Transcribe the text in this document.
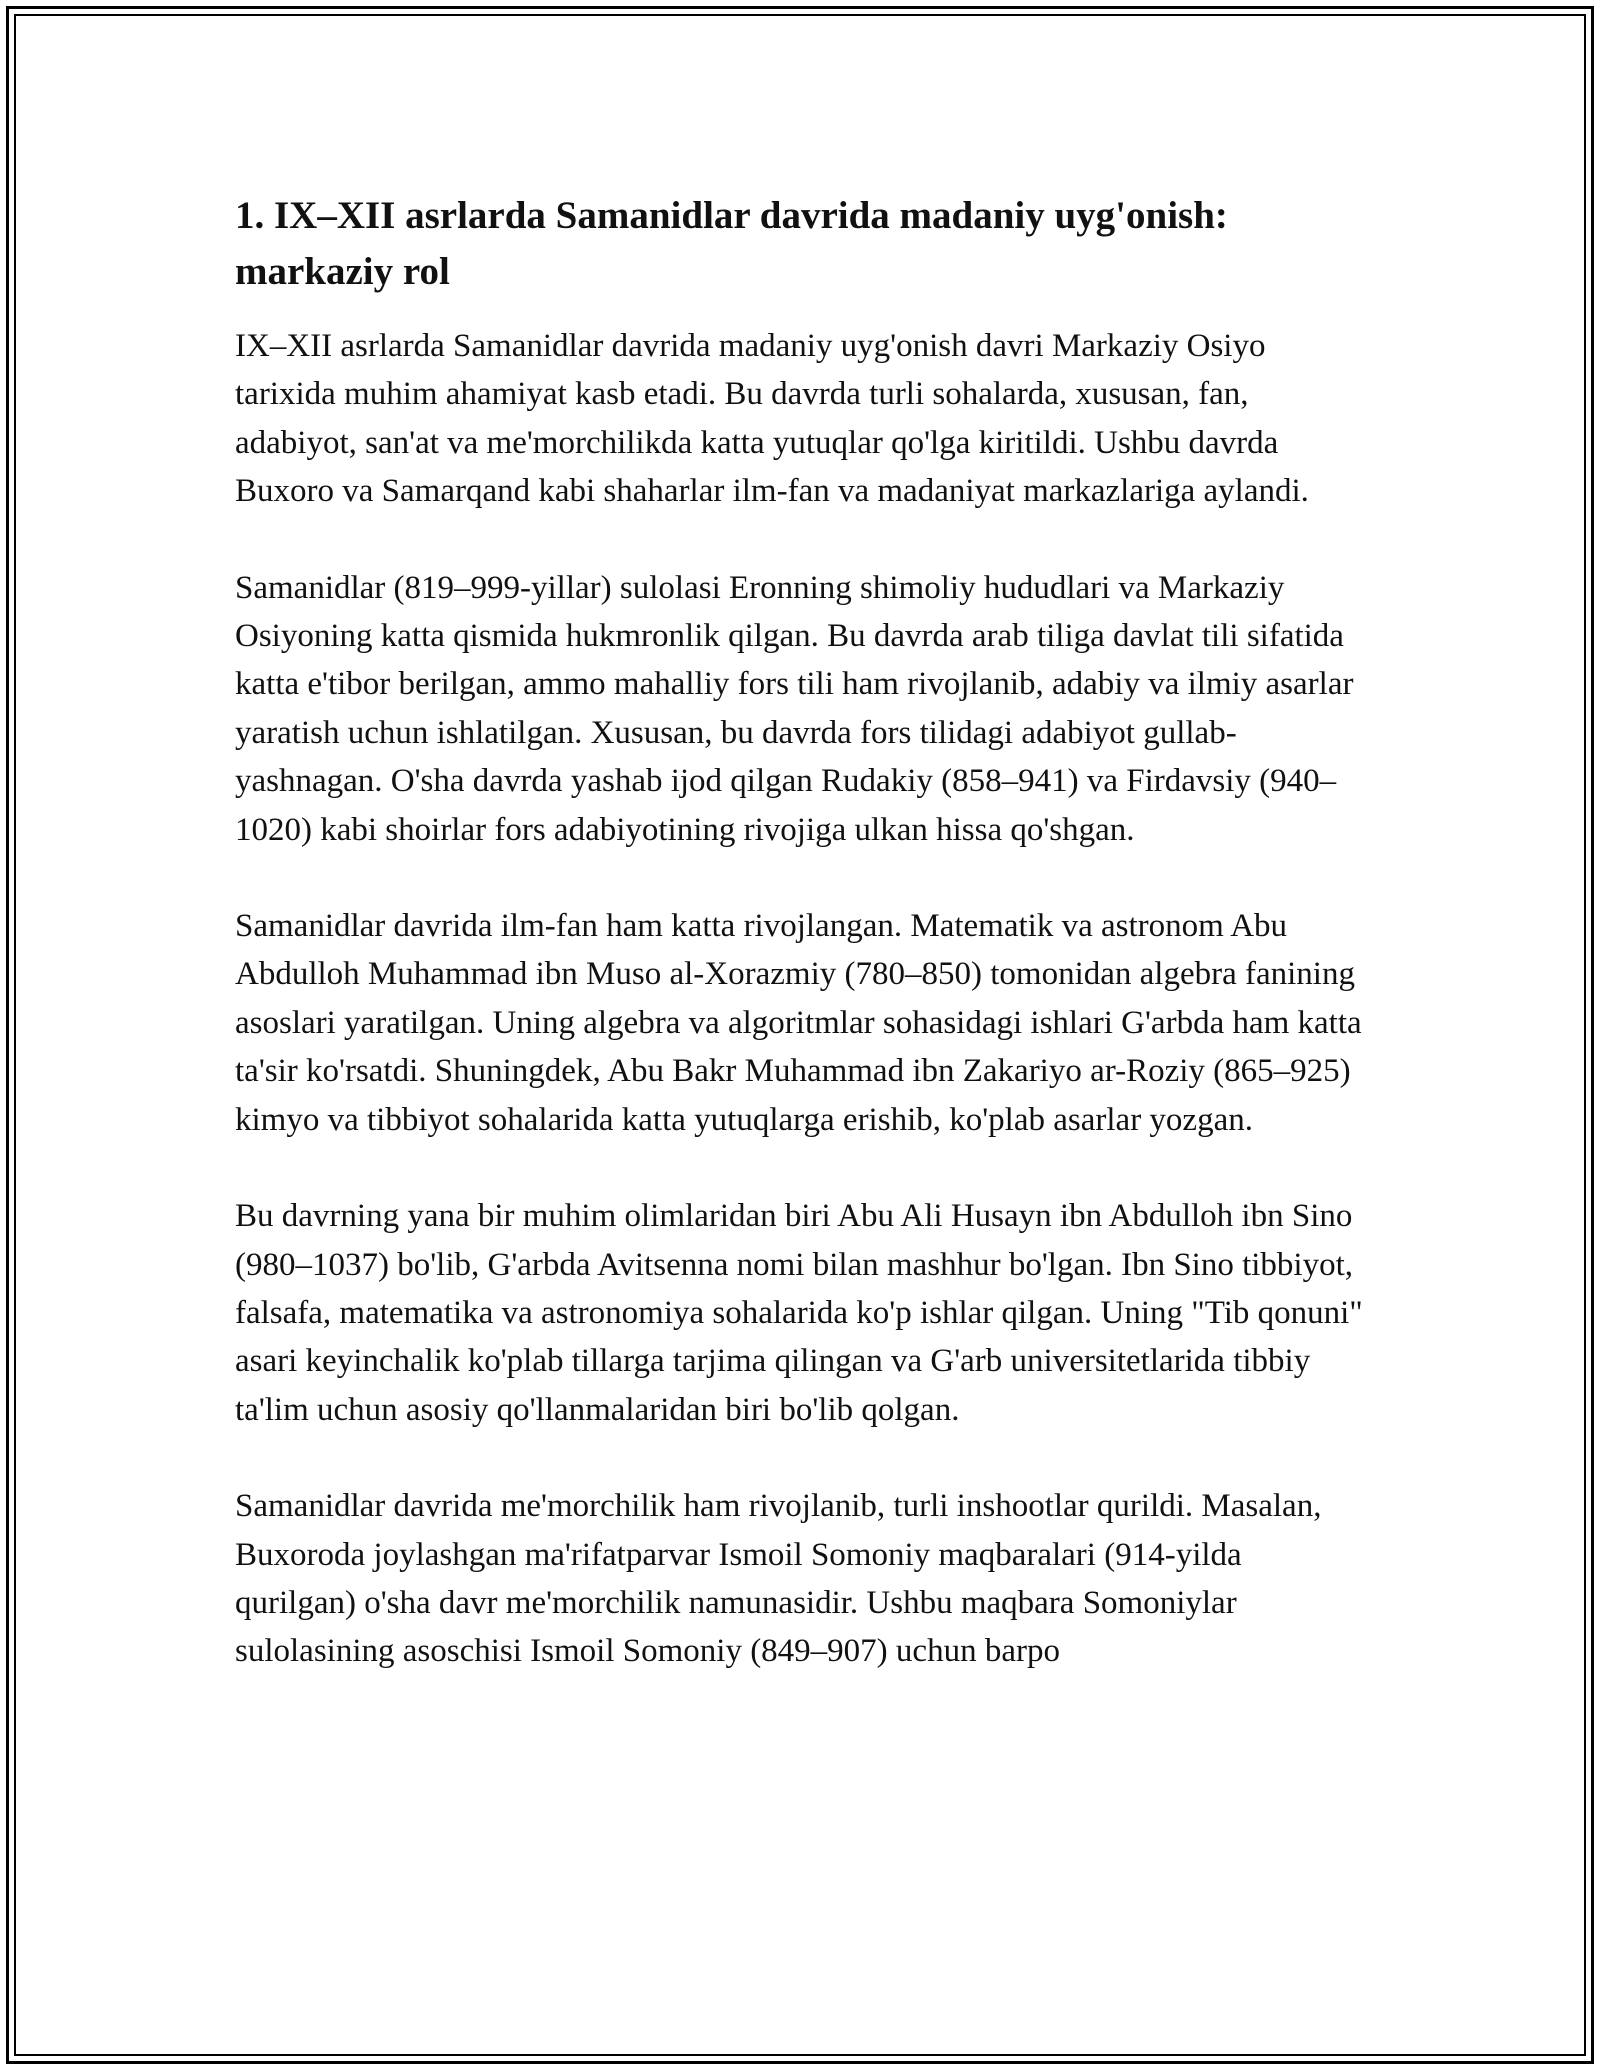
1. IX–XII asrlarda Samanidlar davrida madaniy uyg'onish: markaziy rol

IX–XII asrlarda Samanidlar davrida madaniy uyg'onish davri Markaziy Osiyo tarixida muhim ahamiyat kasb etadi. Bu davrda turli sohalarda, xususan, fan, adabiyot, san'at va me'morchilikda katta yutuqlar qo'lga kiritildi. Ushbu davrda Buxoro va Samarqand kabi shaharlar ilm-fan va madaniyat markazlariga aylandi.

Samanidlar (819–999-yillar) sulolasi Eronning shimoliy hududlari va Markaziy Osiyoning katta qismida hukmronlik qilgan. Bu davrda arab tiliga davlat tili sifatida katta e'tibor berilgan, ammo mahalliy fors tili ham rivojlanib, adabiy va ilmiy asarlar yaratish uchun ishlatilgan. Xususan, bu davrda fors tilidagi adabiyot gullab-yashnagan. O'sha davrda yashab ijod qilgan Rudakiy (858–941) va Firdavsiy (940–1020) kabi shoirlar fors adabiyotining rivojiga ulkan hissa qo'shgan.

Samanidlar davrida ilm-fan ham katta rivojlangan. Matematik va astronom Abu Abdulloh Muhammad ibn Muso al-Xorazmiy (780–850) tomonidan algebra fanining asoslari yaratilgan. Uning algebra va algoritmlar sohasidagi ishlari G'arbda ham katta ta'sir ko'rsatdi. Shuningdek, Abu Bakr Muhammad ibn Zakariyo ar-Roziy (865–925) kimyo va tibbiyot sohalarida katta yutuqlarga erishib, ko'plab asarlar yozgan.

Bu davrning yana bir muhim olimlaridan biri Abu Ali Husayn ibn Abdulloh ibn Sino (980–1037) bo'lib, G'arbda Avitsenna nomi bilan mashhur bo'lgan. Ibn Sino tibbiyot, falsafa, matematika va astronomiya sohalarida ko'p ishlar qilgan. Uning "Tib qonuni" asari keyinchalik ko'plab tillarga tarjima qilingan va G'arb universitetlarida tibbiy ta'lim uchun asosiy qo'llanmalaridan biri bo'lib qolgan.

Samanidlar davrida me'morchilik ham rivojlanib, turli inshootlar qurildi. Masalan, Buxoroda joylashgan ma'rifatparvar Ismoil Somoniy maqbaralari (914-yilda qurilgan) o'sha davr me'morchilik namunasidir. Ushbu maqbara Somoniylar sulolasining asoschisi Ismoil Somoniy (849–907) uchun barpo
